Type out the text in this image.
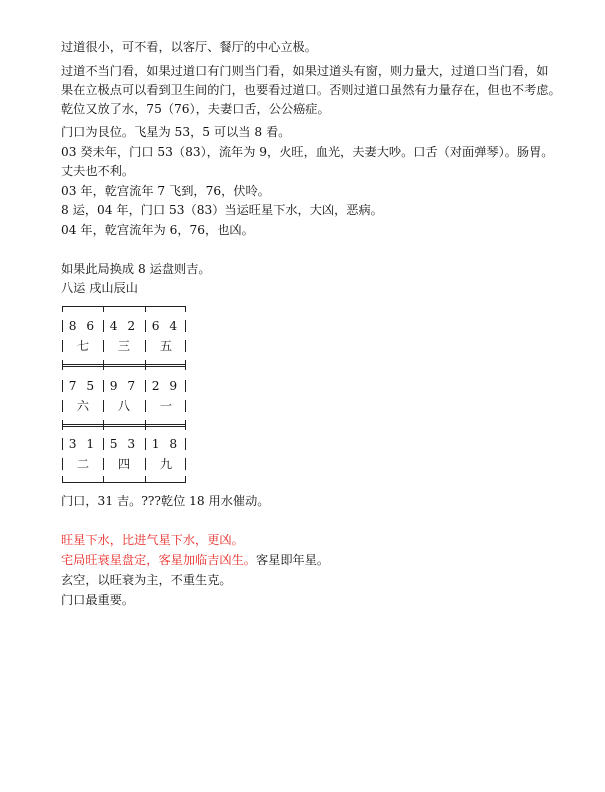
过道很小，可不看，以客厅、餐厅的中心立极。
过道不当门看，如果过道口有门则当门看，如果过道头有窗，则力量大，过道口当门看，如
果在立极点可以看到卫生间的门，也要看过道口。否则过道口虽然有力量存在，但也不考虑。
乾位又放了水，75（76），夫妻口舌，公公癌症。
门口为艮位。飞星为 53，5 可以当 8 看。
03 癸未年，门口 53（83），流年为 9，火旺，血光，夫妻大吵。口舌（对面弹琴）。肠胃。
丈夫也不利。
03 年，乾宫流年 7 飞到，76，伏呤。
8 运，04 年，门口 53（83）当运旺星下水，大凶，恶病。
04 年，乾宫流年为 6，76，也凶。
如果此局换成 8 运盘则吉。
八运 戌山辰山
8 6
七
4 2
三
6 4
五
7 5
六
9 7
八
2 9
一
3 1
二
5 3
四
1 8
九
门口，31 吉。???乾位 18 用水催动。
旺星下水，比进气星下水，更凶。
宅局旺衰星盘定，客星加临吉凶生。客星即年星。
玄空，以旺衰为主，不重生克。
门口最重要。
